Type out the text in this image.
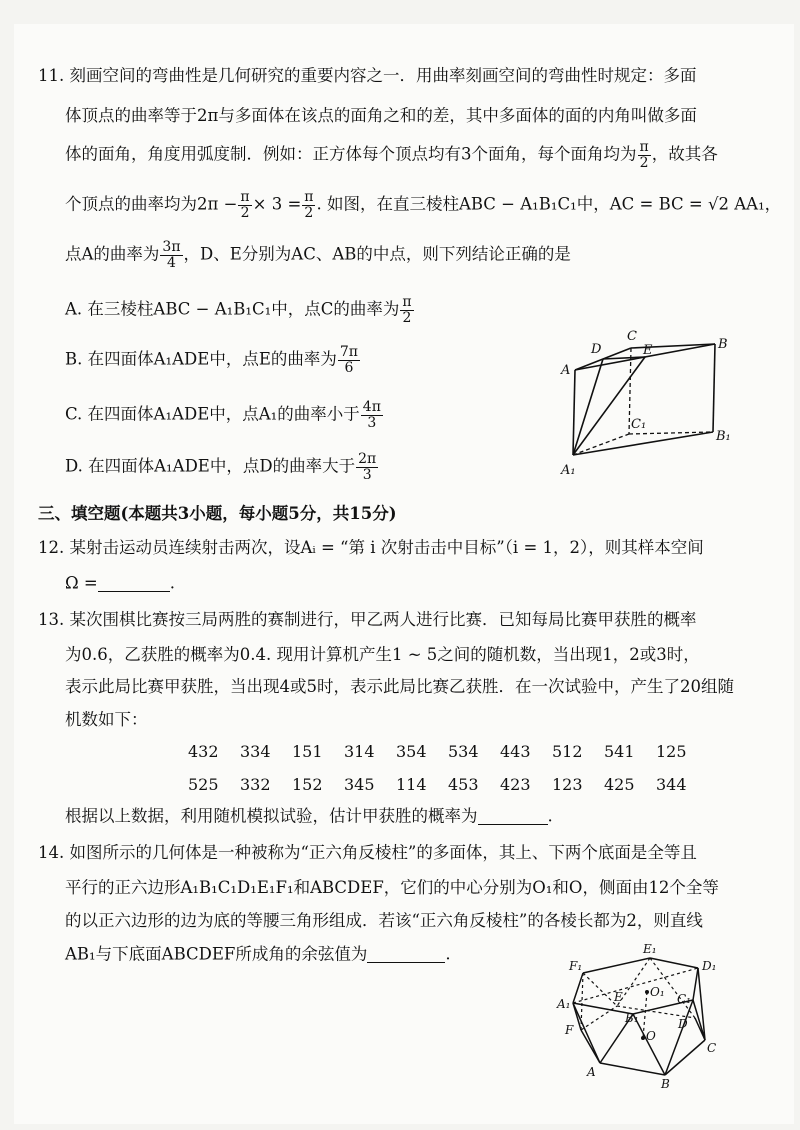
11. 刻画空间的弯曲性是几何研究的重要内容之一．用曲率刻画空间的弯曲性时规定：多面
体顶点的曲率等于2π与多面体在该点的面角之和的差，其中多面体的面的内角叫做多面
体的面角，角度用弧度制．例如：正方体每个顶点均有3个面角，每个面角均为 $\frac{\pi}{2}$ ，故其各
个顶点的曲率均为$2\pi - \frac{\pi}{2} \times 3 = \frac{\pi}{2}$ . 如图，在直三棱柱ABC − A₁B₁C₁中，AC = BC = √2 AA₁，
点A的曲率为 $\frac{3\pi}{4}$ ，D、E分别为AC、AB的中点，则下列结论正确的是
A. 在三棱柱ABC − A₁B₁C₁中，点C的曲率为 $\frac{\pi}{2}$
B. 在四面体A₁ADE中，点E的曲率为 $\frac{7\pi}{6}$
C. 在四面体A₁ADE中，点A₁的曲率小于 $\frac{4\pi}{3}$
D. 在四面体A₁ADE中，点D的曲率大于 $\frac{2\pi}{3}$
A
D
C
E	B
C₁
B₁
A₁
三、填空题(本题共3小题，每小题5分，共15分)
12. 某射击运动员连续射击两次，设Aᵢ = “第 i 次射击击中目标”（i = 1，2），则其样本空间
Ω =	.
13. 某次围棋比赛按三局两胜的赛制进行，甲乙两人进行比赛．已知每局比赛甲获胜的概率
为0.6，乙获胜的概率为0.4. 现用计算机产生1 ~ 5之间的随机数，当出现1，2或3时，
表示此局比赛甲获胜，当出现4或5时，表示此局比赛乙获胜．在一次试验中，产生了20组随
机数如下：
432 334 151 314 354 534 443 512 541 125
525 332 152 345 114 453 423 123 425 344
根据以上数据，利用随机模拟试验，估计甲获胜的概率为	.
14. 如图所示的几何体是一种被称为“正六角反棱柱”的多面体，其上、下两个底面是全等且
平行的正六边形A₁B₁C₁D₁E₁F₁和ABCDEF，它们的中心分别为O₁和O，侧面由12个全等
的以正六边形的边为底的等腰三角形组成．若该“正六角反棱柱”的各棱长都为2，则直线
AB₁与下底面ABCDEF所成角的余弦值为	.
F₁
E₁
D₁
C₁
B₁
A₁
O₁
E
D
C
B
A
F	O
